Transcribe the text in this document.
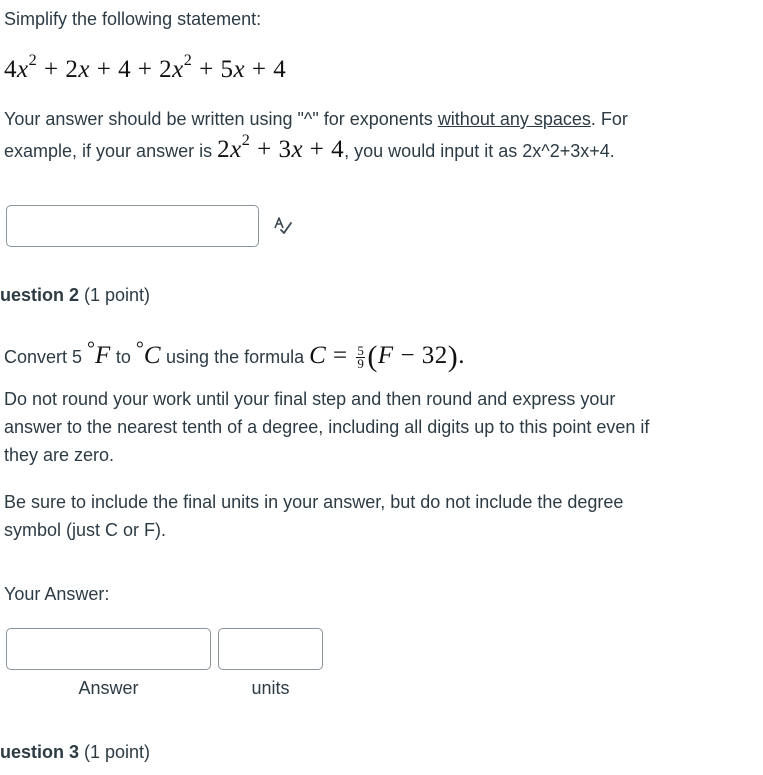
Simplify the following statement:
$4x^2 + 2x + 4 + 2x^2 + 5x + 4$
Your answer should be written using "^" for exponents without any spaces. For
example, if your answer is $2x^2 + 3x + 4$, you would input it as 2x^2+3x+4.
uestion 2 (1 point)
Convert 5 °F to °C using the formula $C = \frac{5}{9} (F - 32)$.
Do not round your work until your final step and then round and express your
answer to the nearest tenth of a degree, including all digits up to this point even if
they are zero.
Be sure to include the final units in your answer, but do not include the degree
symbol (just C or F).
Your Answer:
Answer	units
uestion 3 (1 point)
